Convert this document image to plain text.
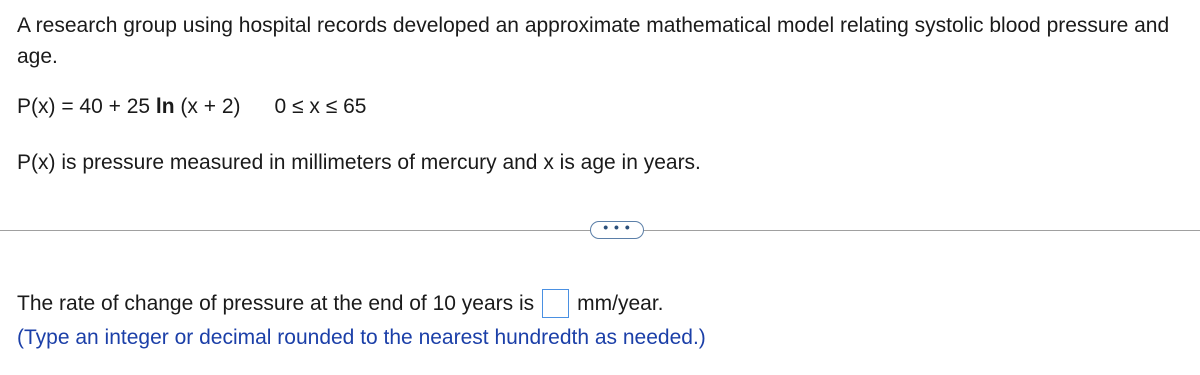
A research group using hospital records developed an approximate mathematical model relating systolic blood pressure and age.
P(x) = 40 + 25 ln (x + 2) 0 ≤ x ≤ 65
P(x) is pressure measured in millimeters of mercury and x is age in years.
• • •
The rate of change of pressure at the end of 10 years is mm/year.
(Type an integer or decimal rounded to the nearest hundredth as needed.)
